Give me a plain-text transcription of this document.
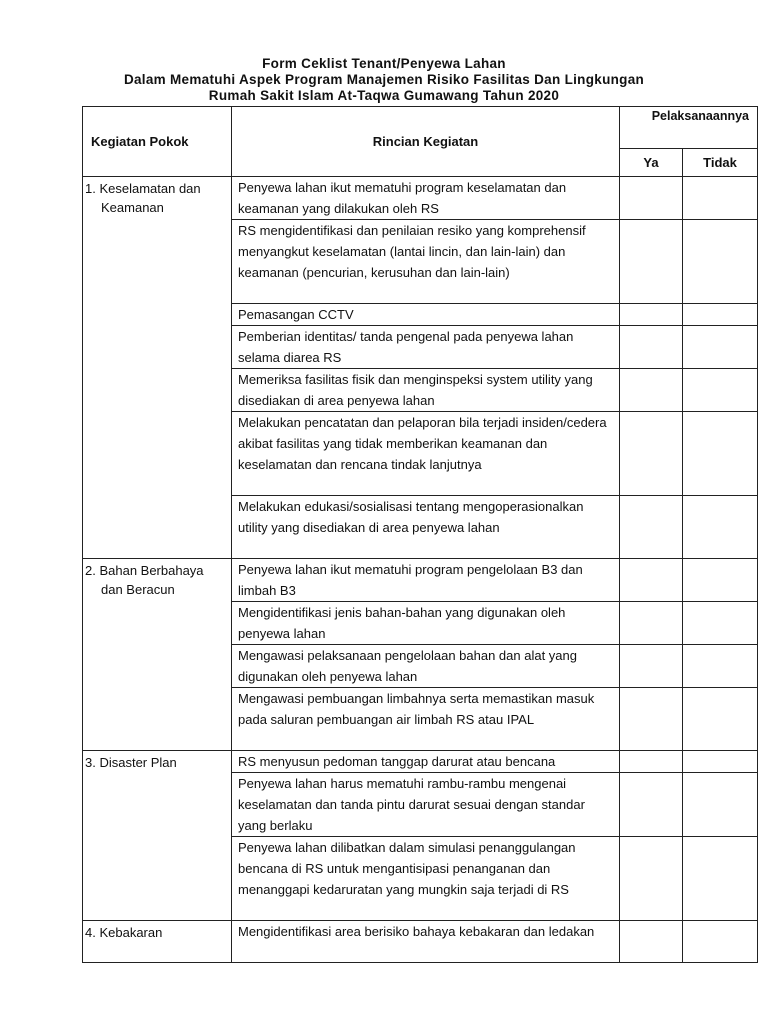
Form Ceklist Tenant/Penyewa Lahan
Dalam Mematuhi Aspek Program Manajemen Risiko Fasilitas Dan Lingkungan
Rumah Sakit Islam At-Taqwa Gumawang Tahun 2020
Kegiatan Pokok	Rincian Kegiatan	Pelaksanaannya	
		Ya	Tidak

1. Keselamatan dan Keamanan	Penyewa lahan ikut mematuhi program keselamatan dan keamanan yang dilakukan oleh RS		
	RS mengidentifikasi dan penilaian resiko yang komprehensif menyangkut keselamatan (lantai lincin, dan lain-lain) dan keamanan (pencurian, kerusuhan dan lain-lain)		
	Pemasangan CCTV		
	Pemberian identitas/ tanda pengenal pada penyewa lahan selama diarea RS		
	Memeriksa fasilitas fisik dan menginspeksi system utility yang disediakan di area penyewa lahan		
	Melakukan pencatatan dan pelaporan bila terjadi insiden/cedera akibat fasilitas yang tidak memberikan keamanan dan keselamatan dan rencana tindak lanjutnya		
	Melakukan edukasi/sosialisasi tentang mengoperasionalkan utility yang disediakan di area penyewa lahan		

2. Bahan Berbahaya dan Beracun	Penyewa lahan ikut mematuhi program pengelolaan B3 dan limbah B3		
	Mengidentifikasi jenis bahan-bahan yang digunakan oleh penyewa lahan		
	Mengawasi pelaksanaan pengelolaan bahan dan alat yang digunakan oleh penyewa lahan		
	Mengawasi pembuangan limbahnya serta memastikan masuk pada saluran pembuangan air limbah RS atau IPAL		

3. Disaster Plan	RS menyusun pedoman tanggap darurat atau bencana		
	Penyewa lahan harus mematuhi rambu-rambu mengenai keselamatan dan tanda pintu darurat sesuai dengan standar yang berlaku		
	Penyewa lahan dilibatkan dalam simulasi penanggulangan bencana di RS untuk mengantisipasi penanganan dan menanggapi kedaruratan yang mungkin saja terjadi di RS		

4. Kebakaran	Mengidentifikasi area berisiko bahaya kebakaran dan ledakan		
